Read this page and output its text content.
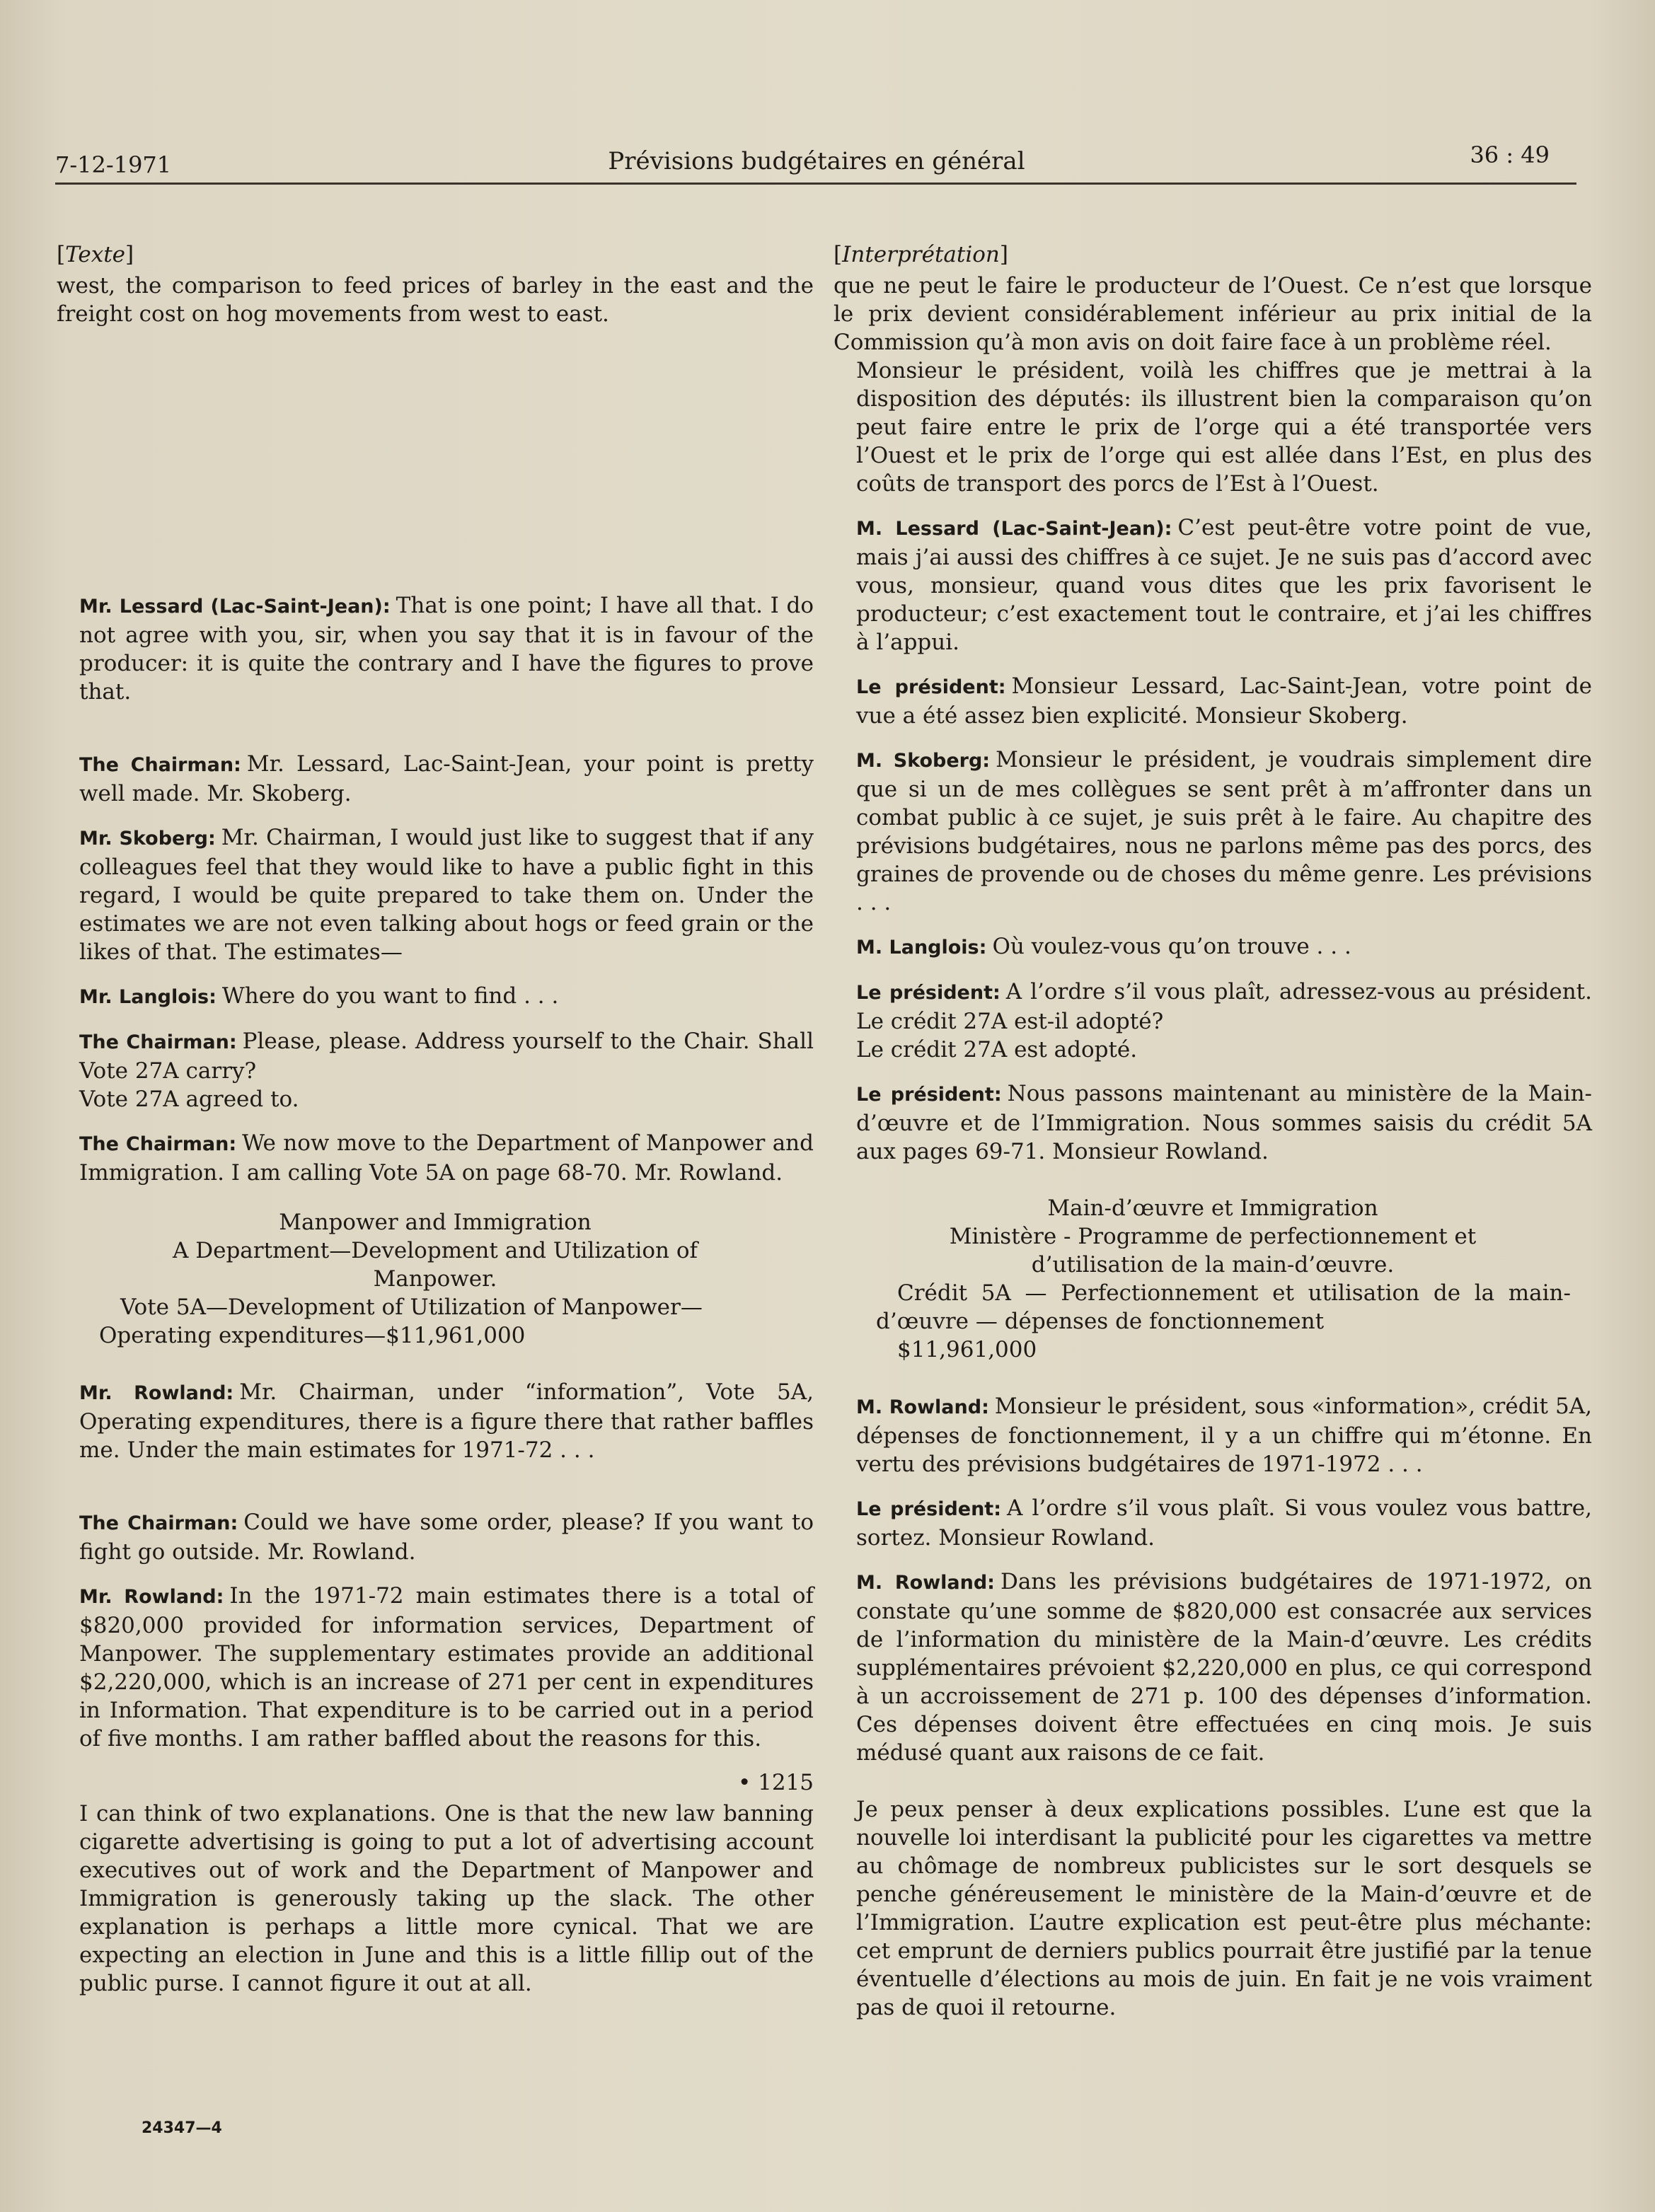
7-12-1971	Prévisions budgétaires en général	36 : 49
[ Texte ]

west, the comparison to feed prices of barley in the east and the freight cost on hog movements from west to east.

Mr. Lessard (Lac-Saint-Jean): That is one point; I have all that. I do not agree with you, sir, when you say that it is in favour of the producer: it is quite the contrary and I have the figures to prove that.

The Chairman: Mr. Lessard, Lac-Saint-Jean, your point is pretty well made. Mr. Skoberg.

Mr. Skoberg: Mr. Chairman, I would just like to suggest that if any colleagues feel that they would like to have a public fight in this regard, I would be quite prepared to take them on. Under the estimates we are not even talking about hogs or feed grain or the likes of that. The estimates—

Mr. Langlois: Where do you want to find . . .

The Chairman: Please, please. Address yourself to the Chair. Shall Vote 27A carry?

Vote 27A agreed to.

The Chairman: We now move to the Department of Manpower and Immigration. I am calling Vote 5A on page 68-70. Mr. Rowland.

Manpower and Immigration
A Department—Development and Utilization of Manpower.
Vote 5A—Development of Utilization of Manpower—Operating expenditures—$11,961,000

Mr. Rowland: Mr. Chairman, under “information”, Vote 5A, Operating expenditures, there is a figure there that rather baffles me. Under the main estimates for 1971-72 . . .

The Chairman: Could we have some order, please? If you want to fight go outside. Mr. Rowland.

Mr. Rowland: In the 1971-72 main estimates there is a total of $820,000 provided for information services, Department of Manpower. The supplementary estimates provide an additional $2,220,000, which is an increase of 271 per cent in expenditures in Information. That expenditure is to be carried out in a period of five months. I am rather baffled about the reasons for this.

• 1215

I can think of two explanations. One is that the new law banning cigarette advertising is going to put a lot of advertising account executives out of work and the Department of Manpower and Immigration is generously taking up the slack. The other explanation is perhaps a little more cynical. That we are expecting an election in June and this is a little fillip out of the public purse. I cannot figure it out at all.

[ Interprétation ]

que ne peut le faire le producteur de l’Ouest. Ce n’est que lorsque le prix devient considérablement inférieur au prix initial de la Commission qu’à mon avis on doit faire face à un problème réel.

Monsieur le président, voilà les chiffres que je mettrai à la disposition des députés: ils illustrent bien la comparaison qu’on peut faire entre le prix de l’orge qui a été transportée vers l’Ouest et le prix de l’orge qui est allée dans l’Est, en plus des coûts de transport des porcs de l’Est à l’Ouest.

M. Lessard (Lac-Saint-Jean): C’est peut-être votre point de vue, mais j’ai aussi des chiffres à ce sujet. Je ne suis pas d’accord avec vous, monsieur, quand vous dites que les prix favorisent le producteur; c’est exactement tout le contraire, et j’ai les chiffres à l’appui.

Le président: Monsieur Lessard, Lac-Saint-Jean, votre point de vue a été assez bien explicité. Monsieur Skoberg.

M. Skoberg: Monsieur le président, je voudrais simplement dire que si un de mes collègues se sent prêt à m’affronter dans un combat public à ce sujet, je suis prêt à le faire. Au chapitre des prévisions budgétaires, nous ne parlons même pas des porcs, des graines de provende ou de choses du même genre. Les prévisions . . .

M. Langlois: Où voulez-vous qu’on trouve . . .

Le président: A l’ordre s’il vous plaît, adressez-vous au président. Le crédit 27A est-il adopté?

Le crédit 27A est adopté.

Le président: Nous passons maintenant au ministère de la Main-d’œuvre et de l’Immigration. Nous sommes saisis du crédit 5A aux pages 69-71. Monsieur Rowland.

Main-d’œuvre et Immigration
Ministère - Programme de perfectionnement et d’utilisation de la main-d’œuvre.
Crédit 5A — Perfectionnement et utilisation de la main-d’œuvre — dépenses de fonctionnement
$11,961,000

M. Rowland: Monsieur le président, sous «information», crédit 5A, dépenses de fonctionnement, il y a un chiffre qui m’étonne. En vertu des prévisions budgétaires de 1971-1972 . . .

Le président: A l’ordre s’il vous plaît. Si vous voulez vous battre, sortez. Monsieur Rowland.

M. Rowland: Dans les prévisions budgétaires de 1971-1972, on constate qu’une somme de $820,000 est consacrée aux services de l’information du ministère de la Main-d’œuvre. Les crédits supplémentaires prévoient $2,220,000 en plus, ce qui correspond à un accroissement de 271 p. 100 des dépenses d’information. Ces dépenses doivent être effectuées en cinq mois. Je suis médusé quant aux raisons de ce fait.

Je peux penser à deux explications possibles. L’une est que la nouvelle loi interdisant la publicité pour les cigarettes va mettre au chômage de nombreux publicistes sur le sort desquels se penche généreusement le ministère de la Main-d’œuvre et de l’Immigration. L’autre explication est peut-être plus méchante: cet emprunt de derniers publics pourrait être justifié par la tenue éventuelle d’élections au mois de juin. En fait je ne vois vraiment pas de quoi il retourne.

24347—4
